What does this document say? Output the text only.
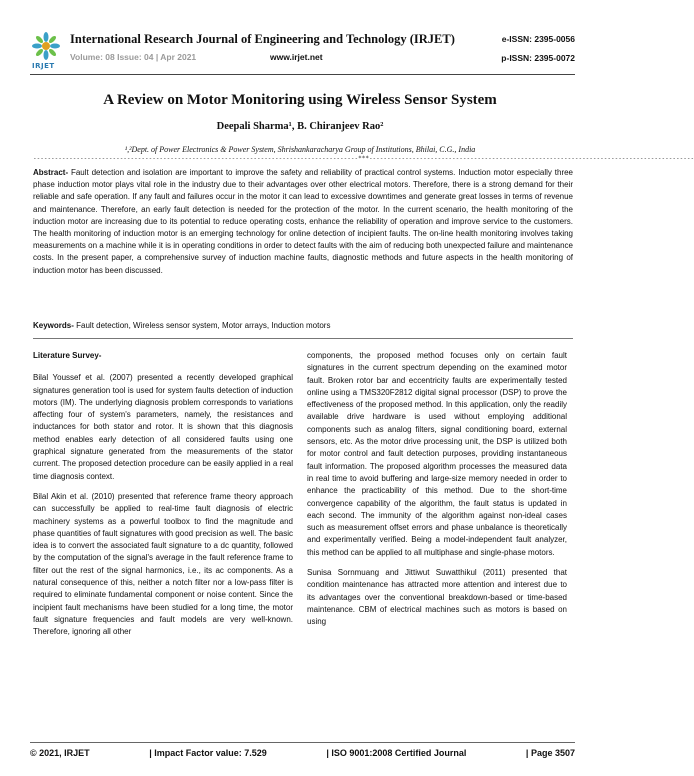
IRJET
International Research Journal of Engineering and Technology (IRJET)
Volume: 08 Issue: 04 | Apr 2021	www.irjet.net
e-ISSN: 2395-0056
p-ISSN: 2395-0072
A Review on Motor Monitoring using Wireless Sensor System
Deepali Sharma¹, B. Chiranjeev Rao²
¹,²Dept. of Power Electronics & Power System, Shrishankaracharya Group of Institutions, Bhilai, C.G., India
------------------------------------------------------------------------------------------***------------------------------------------------------------------------------------------
Abstract- Fault detection and isolation are important to improve the safety and reliability of practical control systems. Induction motor especially three phase induction motor plays vital role in the industry due to their advantages over other electrical motors. Therefore, there is a strong demand for their reliable and safe operation. If any fault and failures occur in the motor it can lead to excessive downtimes and generate great losses in terms of revenue and maintenance. Therefore, an early fault detection is needed for the protection of the motor. In the current scenario, the health monitoring of the induction motor are increasing due to its potential to reduce operating costs, enhance the reliability of operation and improve service to the customers. The health monitoring of induction motor is an emerging technology for online detection of incipient faults. The on-line health monitoring involves taking measurements on a machine while it is in operating conditions in order to detect faults with the aim of reducing both unexpected failure and maintenance costs. In the present paper, a comprehensive survey of induction machine faults, diagnostic methods and future aspects in the health monitoring of induction motor has been discussed.
Keywords- Fault detection, Wireless sensor system, Motor arrays, Induction motors

Literature Survey-

Bilal Youssef et al. (2007) presented a recently developed graphical signatures generation tool is used for system faults detection of induction motors (IM). The underlying diagnosis problem corresponds to variations affecting four of system's parameters, namely, the resistances and inductances for both stator and rotor. It is shown that this diagnosis method enables early detection of all considered faults using one graphical signature generated from the measurements of the stator current. The proposed detection procedure can be easily applied in a real time diagnosis context.

Bilal Akin et al. (2010) presented that reference frame theory approach can successfully be applied to real-time fault diagnosis of electric machinery systems as a powerful toolbox to find the magnitude and phase quantities of fault signatures with good precision as well. The basic idea is to convert the associated fault signature to a dc quantity, followed by the computation of the signal's average in the fault reference frame to filter out the rest of the signal harmonics, i.e., its ac components. As a natural consequence of this, neither a notch filter nor a low-pass filter is required to eliminate fundamental component or noise content. Since the incipient fault mechanisms have been studied for a long time, the motor fault signature frequencies and fault models are very well-known. Therefore, ignoring all other

components, the proposed method focuses only on certain fault signatures in the current spectrum depending on the examined motor fault. Broken rotor bar and eccentricity faults are experimentally tested online using a TMS320F2812 digital signal processor (DSP) to prove the effectiveness of the proposed method. In this application, only the readily available drive hardware is used without employing additional components such as analog filters, signal conditioning board, external sensors, etc. As the motor drive processing unit, the DSP is utilized both for motor control and fault detection purposes, providing instantaneous fault information. The proposed algorithm processes the measured data in real time to avoid buffering and large-size memory needed in order to enhance the practicability of this method. Due to the short-time convergence capability of the algorithm, the fault status is updated in each second. The immunity of the algorithm against non-ideal cases such as measurement offset errors and phase unbalance is theoretically and experimentally verified. Being a model-independent fault analyzer, this method can be applied to all multiphase and single-phase motors.

Sunisa Sornmuang and Jittiwut Suwatthikul (2011) presented that condition maintenance has attracted more attention and interest due to its advantages over the conventional breakdown-based or time-based maintenance. CBM of electrical machines such as motors is based on using

© 2021, IRJET	| Impact Factor value: 7.529	| ISO 9001:2008 Certified Journal	| Page 3507
